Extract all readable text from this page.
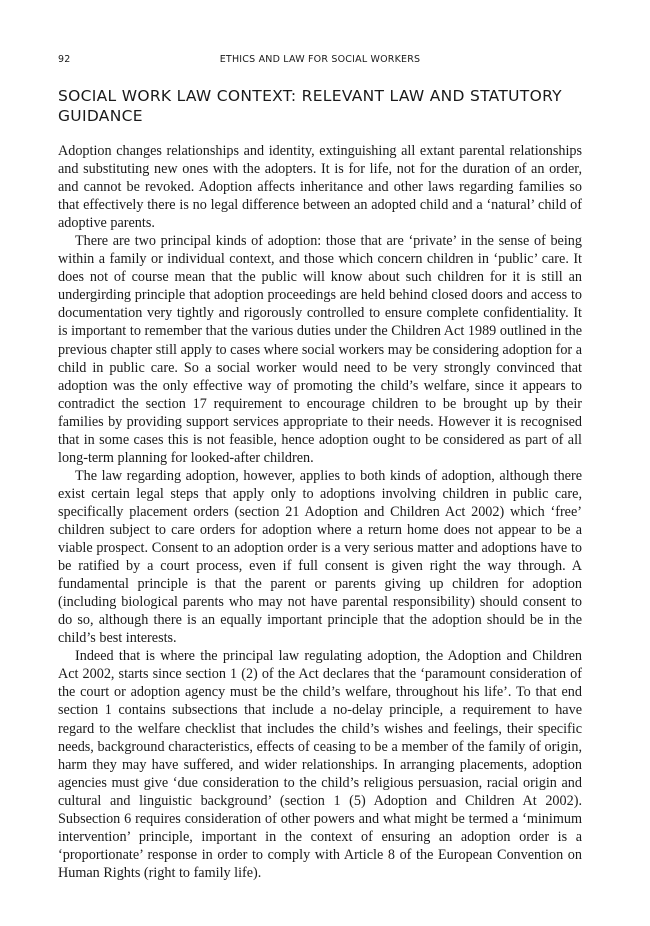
92	ETHICS AND LAW FOR SOCIAL WORKERS
SOCIAL WORK LAW CONTEXT: RELEVANT LAW AND STATUTORY GUIDANCE

Adoption changes relationships and identity, extinguishing all extant parental relationships and substituting new ones with the adopters. It is for life, not for the duration of an order, and cannot be revoked. Adoption affects inheritance and other laws regarding families so that effectively there is no legal difference between an adopted child and a ‘natural’ child of adoptive parents.

There are two principal kinds of adoption: those that are ‘private’ in the sense of being within a family or individual context, and those which concern children in ‘public’ care. It does not of course mean that the public will know about such children for it is still an undergirding principle that adoption proceedings are held behind closed doors and access to documentation very tightly and rigorously controlled to ensure complete confidentiality. It is important to remember that the various duties under the Children Act 1989 outlined in the previous chapter still apply to cases where social workers may be considering adoption for a child in public care. So a social worker would need to be very strongly convinced that adoption was the only effective way of promoting the child’s welfare, since it appears to contradict the section 17 requirement to encourage children to be brought up by their families by providing support services appropriate to their needs. However it is recognised that in some cases this is not feasible, hence adoption ought to be considered as part of all long-term planning for looked-after children.

The law regarding adoption, however, applies to both kinds of adoption, although there exist certain legal steps that apply only to adoptions involving children in public care, specifically placement orders (section 21 Adoption and Children Act 2002) which ‘free’ children subject to care orders for adoption where a return home does not appear to be a viable prospect. Consent to an adoption order is a very serious matter and adoptions have to be ratified by a court process, even if full consent is given right the way through. A fundamental principle is that the parent or parents giving up children for adoption (including biological parents who may not have parental responsibility) should consent to do so, although there is an equally important principle that the adoption should be in the child’s best interests.

Indeed that is where the principal law regulating adoption, the Adoption and Children Act 2002, starts since section 1 (2) of the Act declares that the ‘paramount consideration of the court or adoption agency must be the child’s welfare, throughout his life’. To that end section 1 contains subsections that include a no-delay principle, a requirement to have regard to the welfare checklist that includes the child’s wishes and feelings, their specific needs, background characteristics, effects of ceasing to be a member of the family of origin, harm they may have suffered, and wider relationships. In arranging placements, adoption agencies must give ‘due consideration to the child’s religious persuasion, racial origin and cultural and linguistic background’ (section 1 (5) Adoption and Children At 2002). Subsection 6 requires consideration of other powers and what might be termed a ‘minimum intervention’ principle, important in the context of ensuring an adoption order is a ‘proportionate’ response in order to comply with Article 8 of the European Convention on Human Rights (right to family life).
